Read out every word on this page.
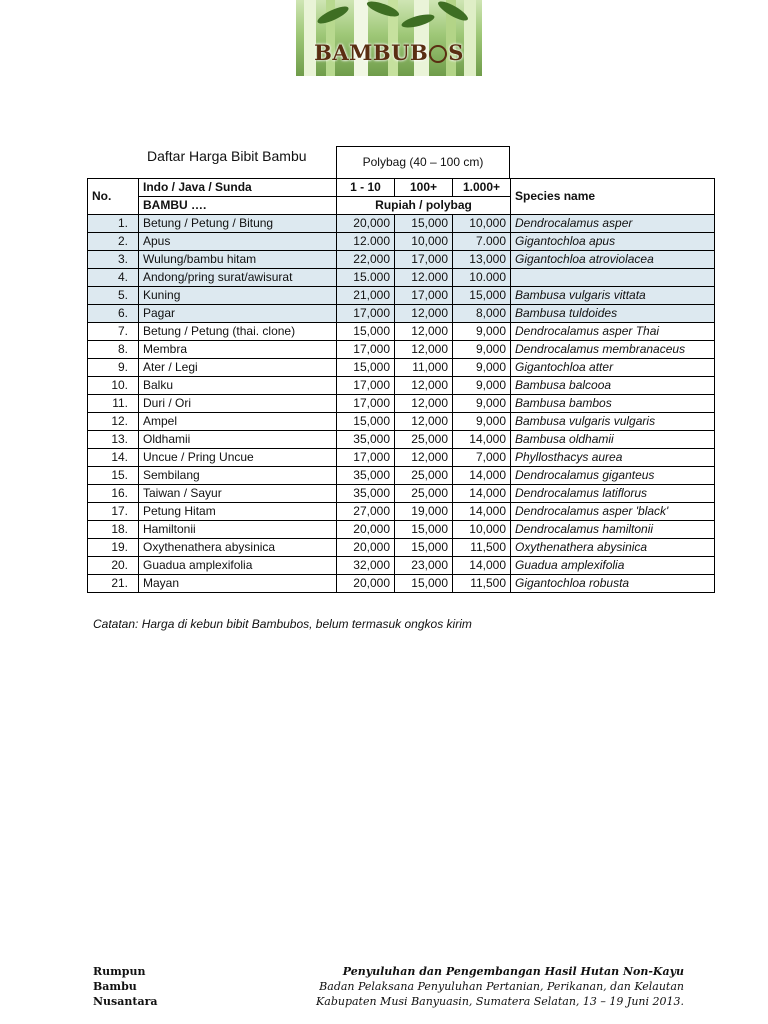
BAMBUB S
Daftar Harga Bibit Bambu	Polybag (40 – 100 cm)
No.	Indo / Java / Sunda	1 - 10	100+	1.000+	Species name
	BAMBU ….	Rupiah / polybag			
1.	Betung / Petung / Bitung	20,000	15,000	10,000	Dendrocalamus asper
2.	Apus	12.000	10,000	7.000	Gigantochloa apus
3.	Wulung/bambu hitam	22,000	17,000	13,000	Gigantochloa atroviolacea
4.	Andong/pring surat/awisurat	15.000	12.000	10.000	
5.	Kuning	21,000	17,000	15,000	Bambusa vulgaris vittata
6.	Pagar	17,000	12,000	8,000	Bambusa tuldoides
7.	Betung / Petung (thai. clone)	15,000	12,000	9,000	Dendrocalamus asper Thai
8.	Membra	17,000	12,000	9,000	Dendrocalamus membranaceus
9.	Ater / Legi	15,000	11,000	9,000	Gigantochloa atter
10.	Balku	17,000	12,000	9,000	Bambusa balcooa
11.	Duri / Ori	17,000	12,000	9,000	Bambusa bambos
12.	Ampel	15,000	12,000	9,000	Bambusa vulgaris vulgaris
13.	Oldhamii	35,000	25,000	14,000	Bambusa oldhamii
14.	Uncue / Pring Uncue	17,000	12,000	7,000	Phyllosthacys aurea
15.	Sembilang	35,000	25,000	14,000	Dendrocalamus giganteus
16.	Taiwan / Sayur	35,000	25,000	14,000	Dendrocalamus latiflorus
17.	Petung Hitam	27,000	19,000	14,000	Dendrocalamus asper 'black'
18.	Hamiltonii	20,000	15,000	10,000	Dendrocalamus hamiltonii
19.	Oxythenathera abysinica	20,000	15,000	11,500	Oxythenathera abysinica
20.	Guadua amplexifolia	32,000	23,000	14,000	Guadua amplexifolia
21.	Mayan	20,000	15,000	11,500	Gigantochloa robusta
Catatan: Harga di kebun bibit Bambubos, belum termasuk ongkos kirim
Rumpun
Bambu
Nusantara
Penyuluhan dan Pengembangan Hasil Hutan Non-Kayu
Badan Pelaksana Penyuluhan Pertanian, Perikanan, dan Kelautan
Kabupaten Musi Banyuasin, Sumatera Selatan, 13 – 19 Juni 2013.
